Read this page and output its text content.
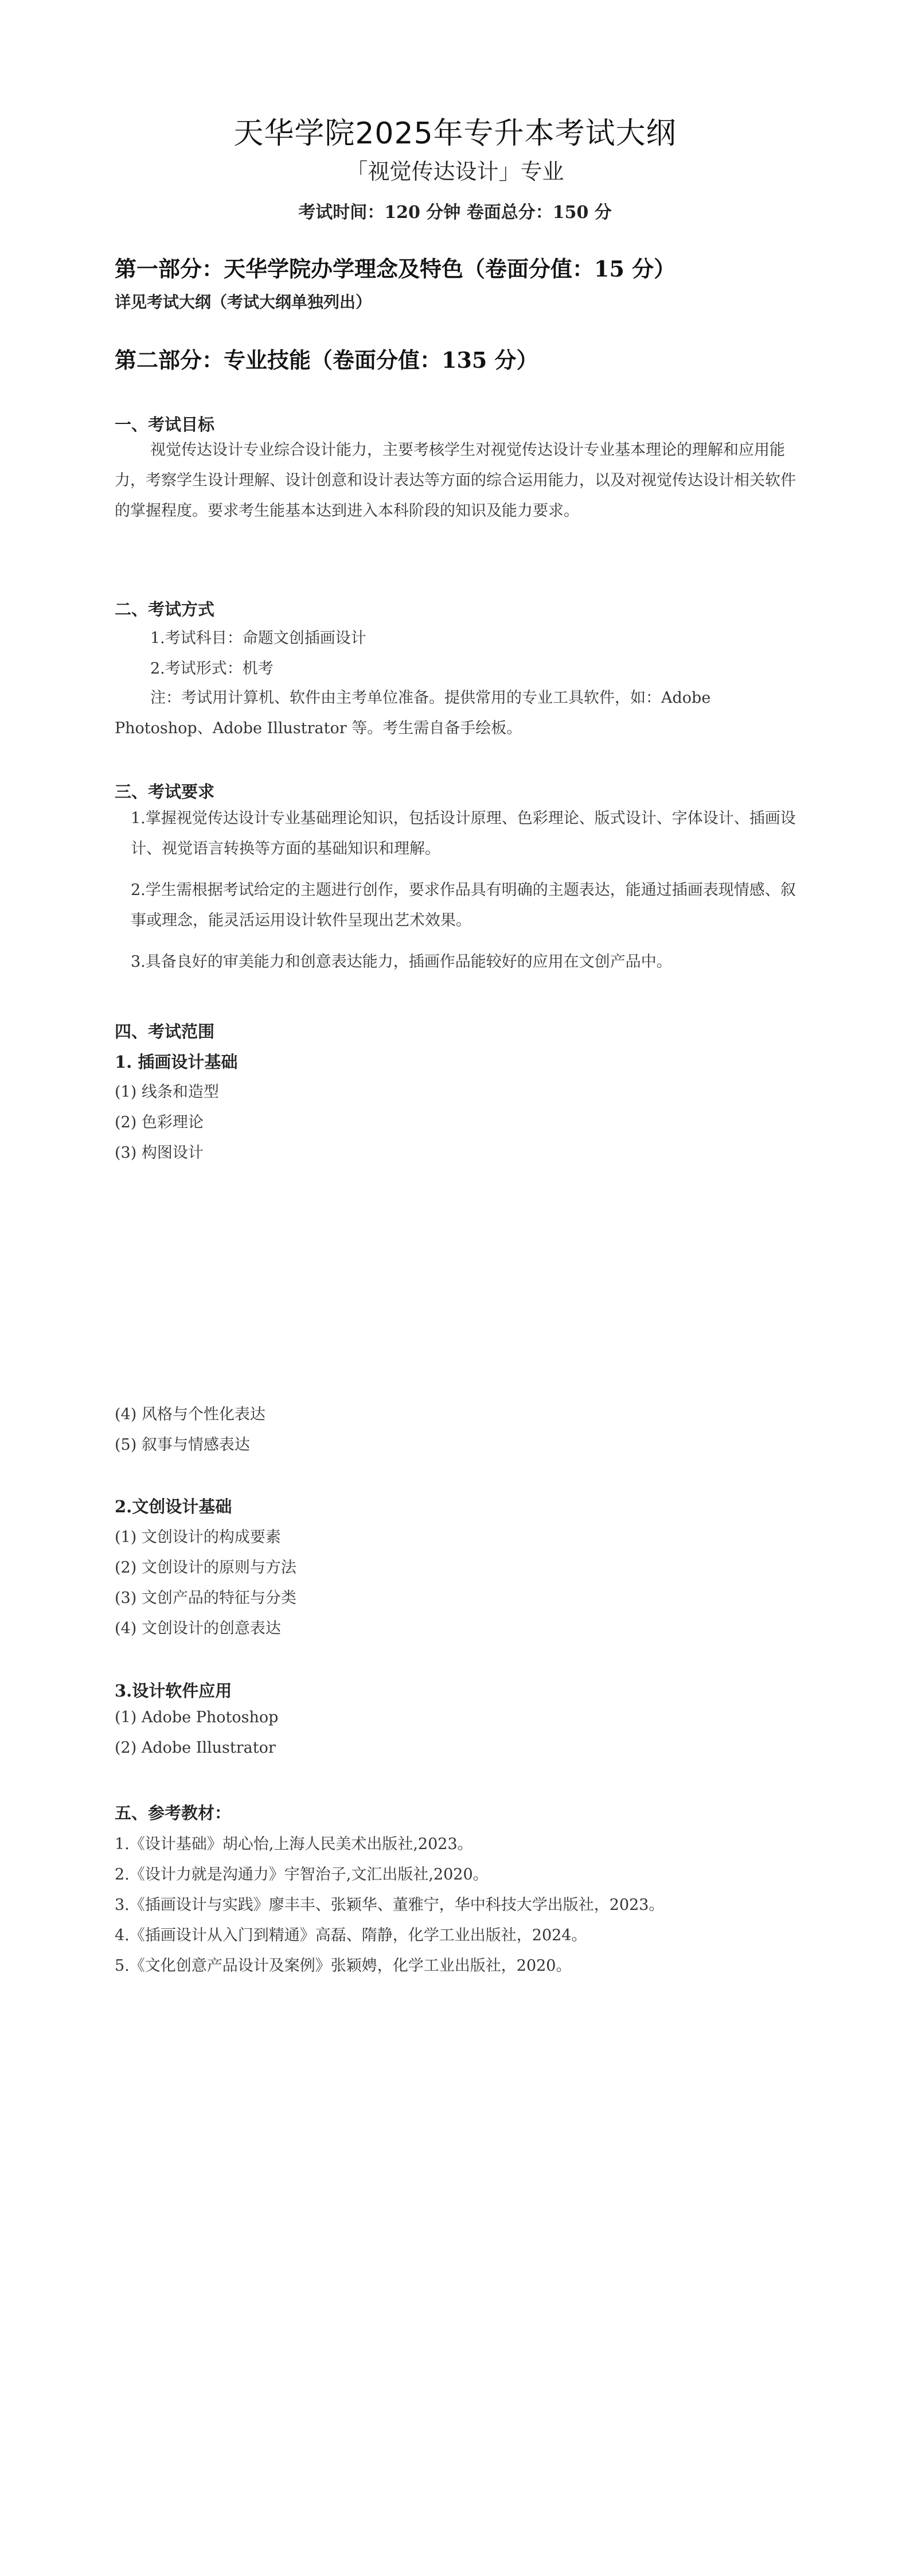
天华学院2025年专升本考试大纲
「视觉传达设计」专业
考试时间：120 分钟 卷面总分：150 分
第一部分：天华学院办学理念及特色（卷面分值：15 分）
详见考试大纲（考试大纲单独列出）
第二部分：专业技能（卷面分值：135 分）
一、考试目标
视觉传达设计专业综合设计能力，主要考核学生对视觉传达设计专业基本理论的理解和应用能力，考察学生设计理解、设计创意和设计表达等方面的综合运用能力，以及对视觉传达设计相关软件的掌握程度。要求考生能基本达到进入本科阶段的知识及能力要求。
二、考试方式
1.考试科目：命题文创插画设计
2.考试形式：机考
注：考试用计算机、软件由主考单位准备。提供常用的专业工具软件，如：Adobe Photoshop、Adobe Illustrator 等。考生需自备手绘板。
三、考试要求
1.掌握视觉传达设计专业基础理论知识，包括设计原理、色彩理论、版式设计、字体设计、插画设计、视觉语言转换等方面的基础知识和理解。
2.学生需根据考试给定的主题进行创作，要求作品具有明确的主题表达，能通过插画表现情感、叙事或理念，能灵活运用设计软件呈现出艺术效果。
3.具备良好的审美能力和创意表达能力，插画作品能较好的应用在文创产品中。
四、考试范围
1. 插画设计基础
(1) 线条和造型
(2) 色彩理论
(3) 构图设计
(4) 风格与个性化表达
(5) 叙事与情感表达
2.文创设计基础
(1) 文创设计的构成要素
(2) 文创设计的原则与方法
(3) 文创产品的特征与分类
(4) 文创设计的创意表达
3.设计软件应用
(1) Adobe Photoshop
(2) Adobe Illustrator
五、参考教材：
1.《设计基础》胡心怡,上海人民美术出版社,2023。
2.《设计力就是沟通力》宇智治子,文汇出版社,2020。
3.《插画设计与实践》廖丰丰、张颖华、董雅宁，华中科技大学出版社，2023。
4.《插画设计从入门到精通》高磊、隋静，化学工业出版社，2024。
5.《文化创意产品设计及案例》张颖娉，化学工业出版社，2020。
